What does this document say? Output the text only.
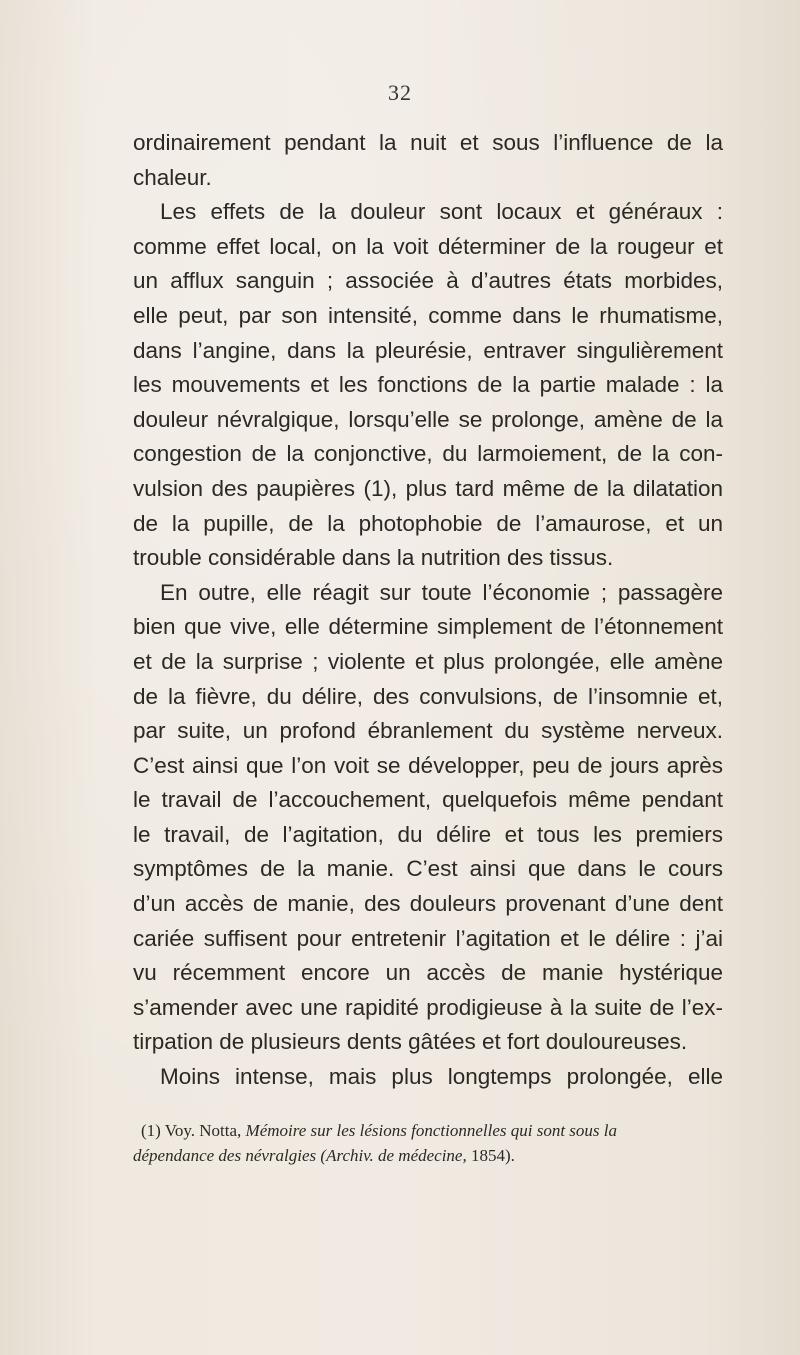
32
ordinairement pendant la nuit et sous l’influence de la
chaleur.
Les effets de la douleur sont locaux et généraux :
comme effet local, on la voit déterminer de la rougeur et
un afflux sanguin ; associée à d’autres états morbides,
elle peut, par son intensité, comme dans le rhumatisme,
dans l’angine, dans la pleurésie, entraver singulièrement
les mouvements et les fonctions de la partie malade : la
douleur névralgique, lorsqu’elle se prolonge, amène de la
congestion de la conjonctive, du larmoiement, de la con-
vulsion des paupières (1), plus tard même de la dilatation
de la pupille, de la photophobie de l’amaurose, et un
trouble considérable dans la nutrition des tissus.
En outre, elle réagit sur toute l’économie ; passagère
bien que vive, elle détermine simplement de l’étonnement
et de la surprise ; violente et plus prolongée, elle amène
de la fièvre, du délire, des convulsions, de l’insomnie et,
par suite, un profond ébranlement du système nerveux.
C’est ainsi que l’on voit se développer, peu de jours après
le travail de l’accouchement, quelquefois même pendant
le travail, de l’agitation, du délire et tous les premiers
symptômes de la manie. C’est ainsi que dans le cours
d’un accès de manie, des douleurs provenant d’une dent
cariée suffisent pour entretenir l’agitation et le délire : j’ai
vu récemment encore un accès de manie hystérique
s’amender avec une rapidité prodigieuse à la suite de l’ex-
tirpation de plusieurs dents gâtées et fort douloureuses.
Moins intense, mais plus longtemps prolongée, elle
(1) Voy. Notta, Mémoire sur les lésions fonctionnelles qui sont sous la
dépendance des névralgies (Archiv. de médecine, 1854).
